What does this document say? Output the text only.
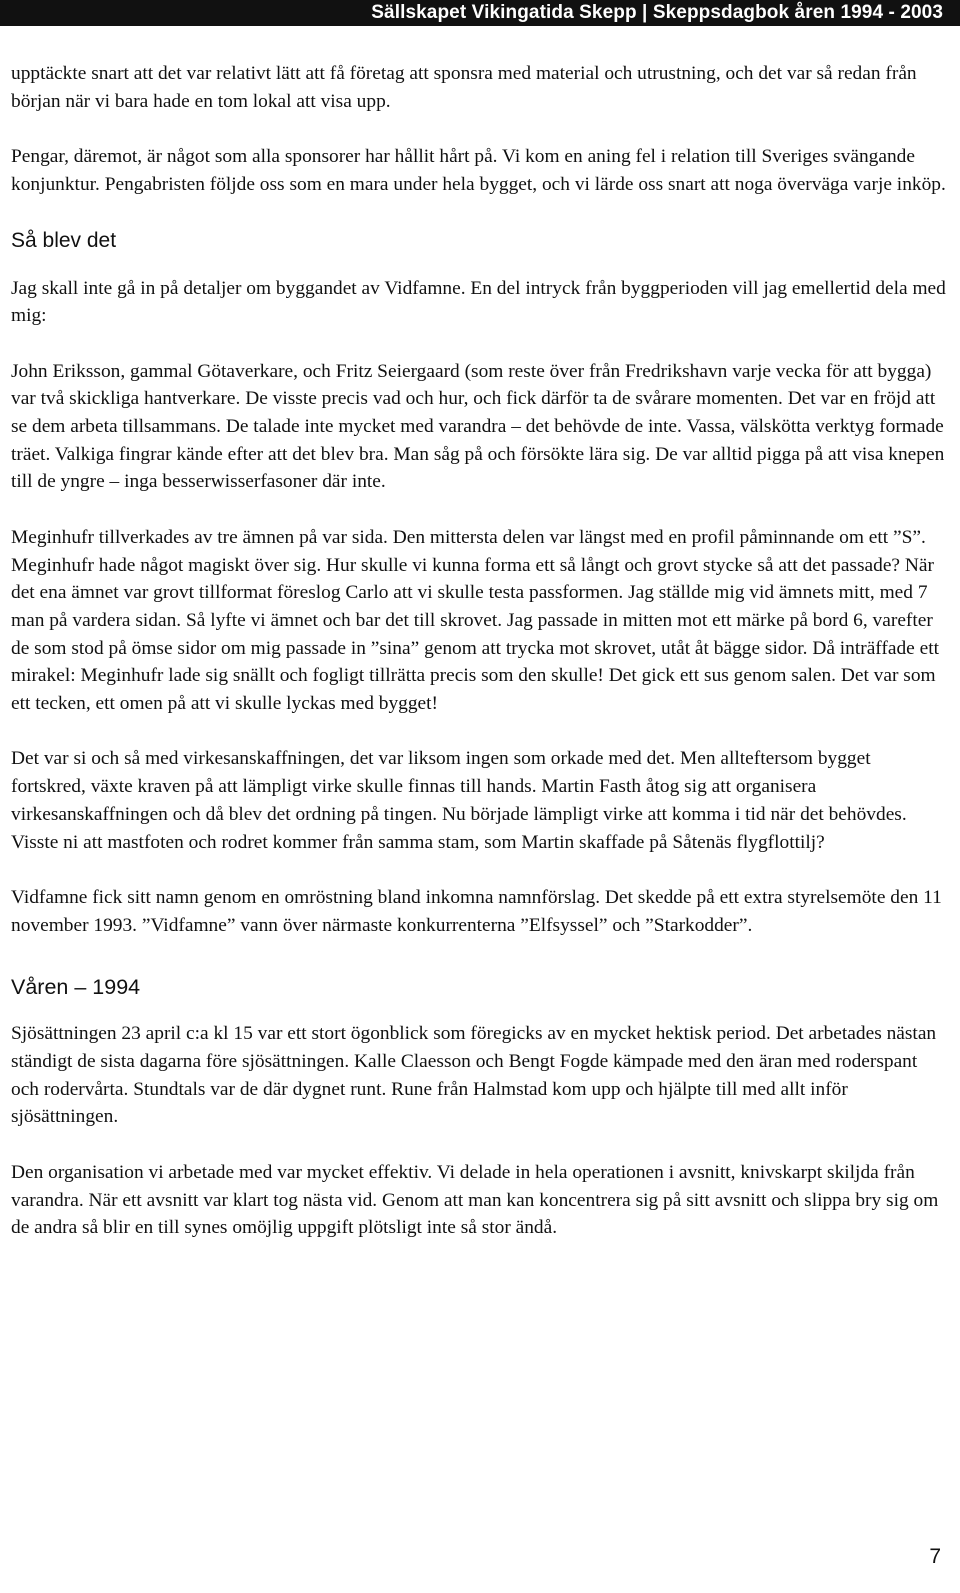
Sällskapet Vikingatida Skepp | Skeppsdagbok åren 1994 - 2003

upptäckte snart att det var relativt lätt att få företag att sponsra med material och utrustning, och det var så redan från början när vi bara hade en tom lokal att visa upp.

Pengar, däremot, är något som alla sponsorer har hållit hårt på. Vi kom en aning fel i relation till Sveriges svängande konjunktur. Pengabristen följde oss som en mara under hela bygget, och vi lärde oss snart att noga överväga varje inköp.

Så blev det

Jag skall inte gå in på detaljer om byggandet av Vidfamne. En del intryck från byggperioden vill jag emellertid dela med mig:

John Eriksson, gammal Götaverkare, och Fritz Seiergaard (som reste över från Fredrikshavn varje vecka för att bygga) var två skickliga hantverkare. De visste precis vad och hur, och fick därför ta de svårare momenten. Det var en fröjd att se dem arbeta tillsammans. De talade inte mycket med varandra – det behövde de inte. Vassa, välskötta verktyg formade träet. Valkiga fingrar kände efter att det blev bra. Man såg på och försökte lära sig. De var alltid pigga på att visa knepen till de yngre – inga besserwisserfasoner där inte.

Meginhufr tillverkades av tre ämnen på var sida. Den mittersta delen var längst med en profil påminnande om ett ”S”. Meginhufr hade något magiskt över sig. Hur skulle vi kunna forma ett så långt och grovt stycke så att det passade? När det ena ämnet var grovt tillformat föreslog Carlo att vi skulle testa passformen. Jag ställde mig vid ämnets mitt, med 7 man på vardera sidan. Så lyfte vi ämnet och bar det till skrovet. Jag passade in mitten mot ett märke på bord 6, varefter de som stod på ömse sidor om mig passade in ”sina” genom att trycka mot skrovet, utåt åt bägge sidor. Då inträffade ett mirakel: Meginhufr lade sig snällt och fogligt tillrätta precis som den skulle! Det gick ett sus genom salen. Det var som ett tecken, ett omen på att vi skulle lyckas med bygget!

Det var si och så med virkesanskaffningen, det var liksom ingen som orkade med det. Men allteftersom bygget fortskred, växte kraven på att lämpligt virke skulle finnas till hands. Martin Fasth åtog sig att organisera virkesanskaffningen och då blev det ordning på tingen. Nu började lämpligt virke att komma i tid när det behövdes. Visste ni att mastfoten och rodret kommer från samma stam, som Martin skaffade på Såtenäs flygflottilj?

Vidfamne fick sitt namn genom en omröstning bland inkomna namnförslag. Det skedde på ett extra styrelsemöte den 11 november 1993. ”Vidfamne” vann över närmaste konkurrenterna ”Elfsyssel” och ”Starkodder”.

Våren – 1994

Sjösättningen 23 april c:a kl 15 var ett stort ögonblick som föregicks av en mycket hektisk period. Det arbetades nästan ständigt de sista dagarna före sjösättningen. Kalle Claesson och Bengt Fogde kämpade med den äran med roderspant och rodervårta. Stundtals var de där dygnet runt. Rune från Halmstad kom upp och hjälpte till med allt inför sjösättningen.

Den organisation vi arbetade med var mycket effektiv. Vi delade in hela operationen i avsnitt, knivskarpt skiljda från varandra. När ett avsnitt var klart tog nästa vid. Genom att man kan koncentrera sig på sitt avsnitt och slippa bry sig om de andra så blir en till synes omöjlig uppgift plötsligt inte så stor ändå.

7
